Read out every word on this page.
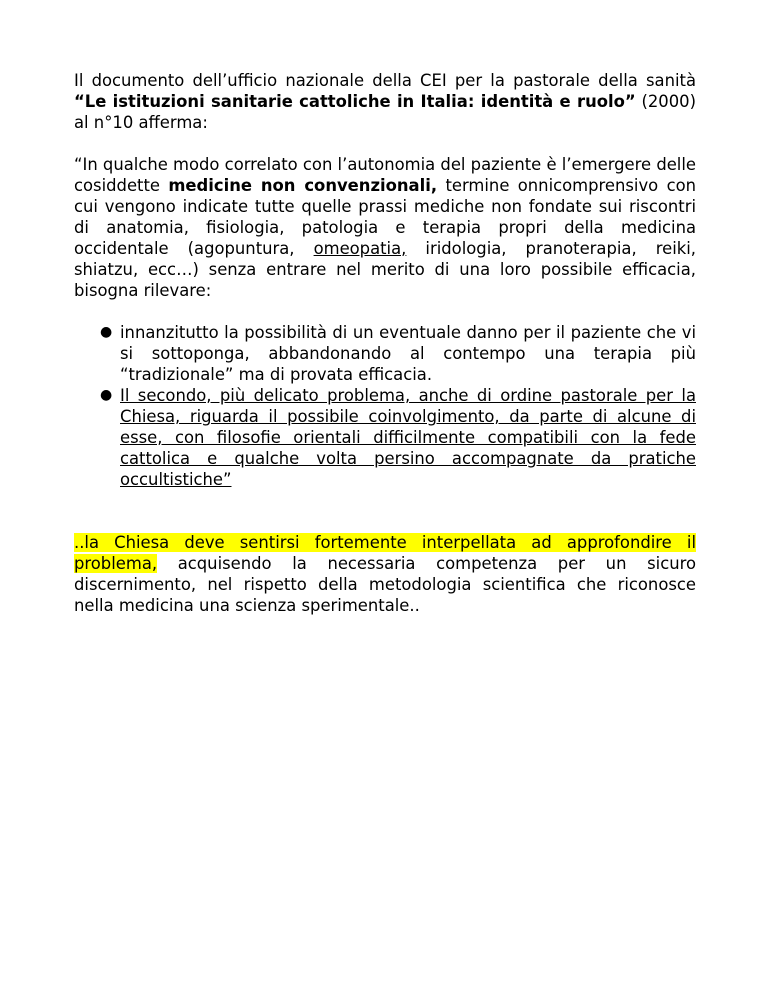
Il documento dell’ufficio nazionale della CEI per la pastorale della sanità “Le istituzioni sanitarie cattoliche in Italia: identità e ruolo” (2000) al n°10 afferma:

“In qualche modo correlato con l’autonomia del paziente è l’emergere delle cosiddette medicine non convenzionali, termine onnicomprensivo con cui vengono indicate tutte quelle prassi mediche non fondate sui riscontri di anatomia, fisiologia, patologia e terapia propri della medicina occidentale (agopuntura, omeopatia, iridologia, pranoterapia, reiki, shiatzu, ecc…) senza entrare nel merito di una loro possibile efficacia, bisogna rilevare:

● innanzitutto la possibilità di un eventuale danno per il paziente che vi si sottoponga, abbandonando al contempo una terapia più “tradizionale” ma di provata efficacia.
● Il secondo, più delicato problema, anche di ordine pastorale per la Chiesa, riguarda il possibile coinvolgimento, da parte di alcune di esse, con filosofie orientali difficilmente compatibili con la fede cattolica e qualche volta persino accompagnate da pratiche occultistiche”

..la Chiesa deve sentirsi fortemente interpellata ad approfondire il problema, acquisendo la necessaria competenza per un sicuro discernimento, nel rispetto della metodologia scientifica che riconosce nella medicina una scienza sperimentale..
